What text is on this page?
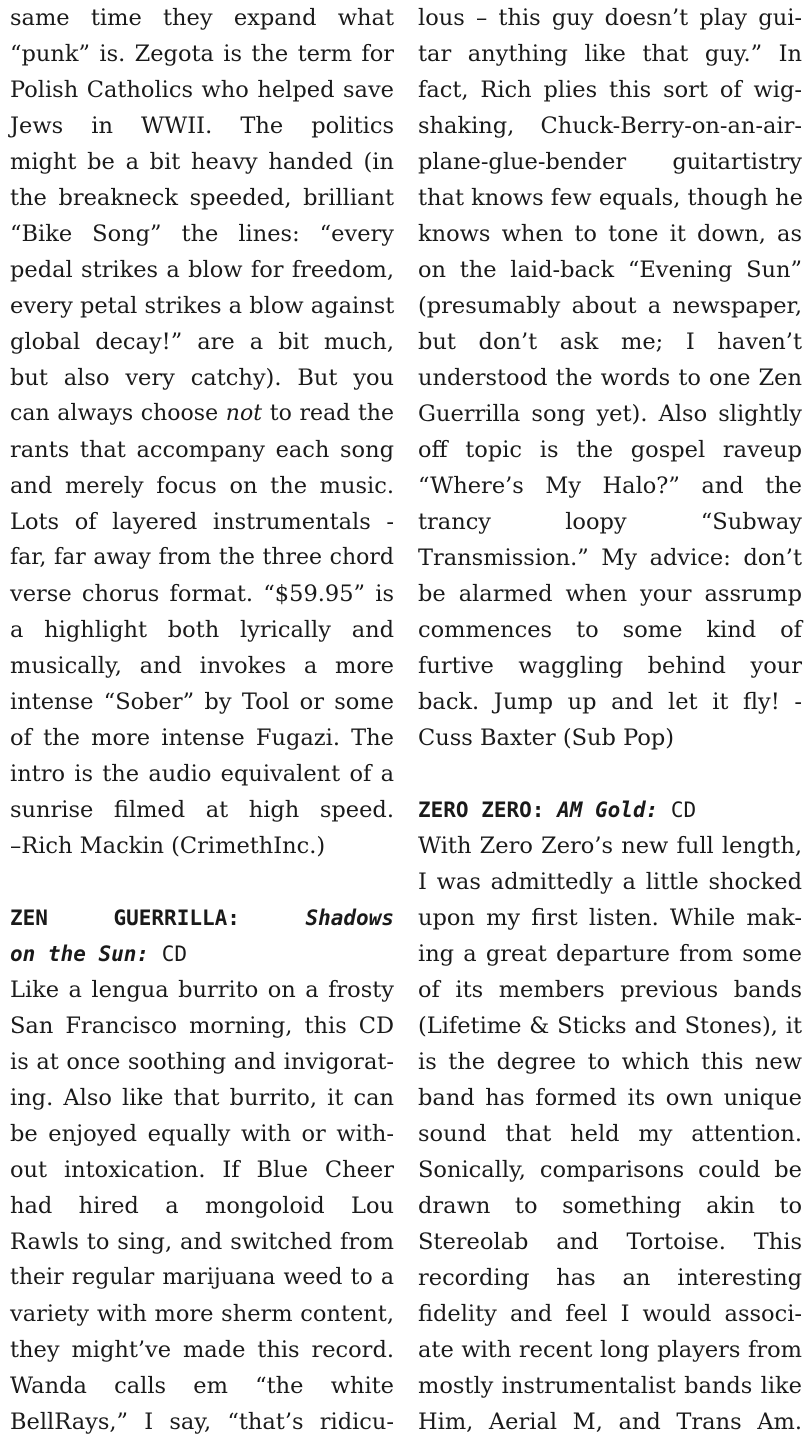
same time they expand what
“punk” is. Zegota is the term for
Polish Catholics who helped save
Jews in WWII. The politics
might be a bit heavy handed (in
the breakneck speeded, brilliant
“Bike Song” the lines: “every
pedal strikes a blow for freedom,
every petal strikes a blow against
global decay!” are a bit much,
but also very catchy). But you
can always choose not to read the
rants that accompany each song
and merely focus on the music.
Lots of layered instrumentals -
far, far away from the three chord
verse chorus format. “$59.95” is
a highlight both lyrically and
musically, and invokes a more
intense “Sober” by Tool or some
of the more intense Fugazi. The
intro is the audio equivalent of a
sunrise filmed at high speed.
–Rich Mackin (CrimethInc.)
ZEN GUERRILLA:	Shadows
on the Sun: CD
Like a lengua burrito on a frosty
San Francisco morning, this CD
is at once soothing and invigorat-
ing. Also like that burrito, it can
be enjoyed equally with or with-
out intoxication. If Blue Cheer
had hired a mongoloid Lou
Rawls to sing, and switched from
their regular marijuana weed to a
variety with more sherm content,
they might’ve made this record.
Wanda calls em “the white
BellRays,” I say, “that’s ridicu-
lous – this guy doesn’t play gui-
tar anything like that guy.” In
fact, Rich plies this sort of wig-
shaking, Chuck-Berry-on-an-air-
plane-glue-bender guitartistry
that knows few equals, though he
knows when to tone it down, as
on the laid-back “Evening Sun”
(presumably about a newspaper,
but don’t ask me; I haven’t
understood the words to one Zen
Guerrilla song yet). Also slightly
off topic is the gospel raveup
“Where’s My Halo?” and the
trancy loopy “Subway
Transmission.” My advice: don’t
be alarmed when your assrump
commences to some kind of
furtive waggling behind your
back. Jump up and let it fly! -
Cuss Baxter (Sub Pop)
ZERO ZERO: AM Gold: CD
With Zero Zero’s new full length,
I was admittedly a little shocked
upon my first listen. While mak-
ing a great departure from some
of its members previous bands
(Lifetime & Sticks and Stones), it
is the degree to which this new
band has formed its own unique
sound that held my attention.
Sonically, comparisons could be
drawn to something akin to
Stereolab and Tortoise. This
recording has an interesting
fidelity and feel I would associ-
ate with recent long players from
mostly instrumentalist bands like
Him, Aerial M, and Trans Am.
